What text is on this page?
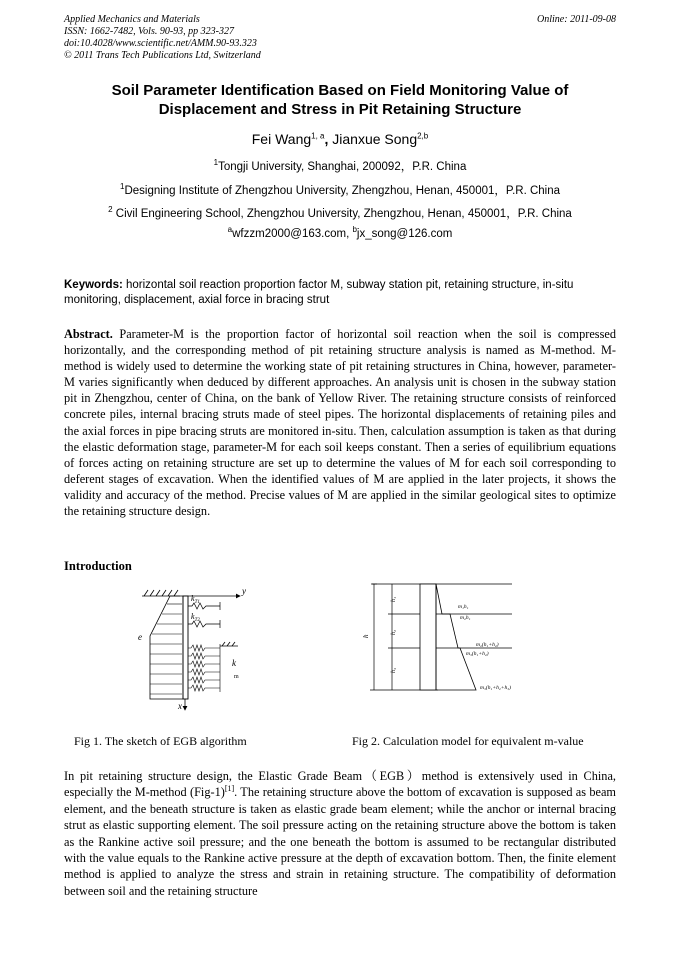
Applied Mechanics and Materials
ISSN: 1662-7482, Vols. 90-93, pp 323-327
doi:10.4028/www.scientific.net/AMM.90-93.323
© 2011 Trans Tech Publications Ltd, Switzerland
Online: 2011-09-08
Soil Parameter Identification Based on Field Monitoring Value of
Displacement and Stress in Pit Retaining Structure
Fei Wang$^{1, a}$, Jianxue Song$^{2,b}$
$^1$Tongji University, Shanghai, 200092，P.R. China
$^1$Designing Institute of Zhengzhou University, Zhengzhou, Henan, 450001，P.R. China
$^2$ Civil Engineering School, Zhengzhou University, Zhengzhou, Henan, 450001，P.R. China
$^a$wfzzm2000@163.com, $^b$jx_song@126.com
Keywords: horizontal soil reaction proportion factor M, subway station pit, retaining structure, in-situ monitoring, displacement, axial force in bracing strut
Abstract. Parameter-M is the proportion factor of horizontal soil reaction when the soil is compressed horizontally, and the corresponding method of pit retaining structure analysis is named as M-method. M-method is widely used to determine the working state of pit retaining structures in China, however, parameter-M varies significantly when deduced by different approaches. An analysis unit is chosen in the subway station pit in Zhengzhou, center of China, on the bank of Yellow River. The retaining structure consists of reinforced concrete piles, internal bracing struts made of steel pipes. The horizontal displacements of retaining piles and the axial forces in pipe bracing struts are monitored in-situ. Then, calculation assumption is taken as that during the elastic deformation stage, parameter-M for each soil keeps constant. Then a series of equilibrium equations of forces acting on retaining structure are set up to determine the values of M for each soil corresponding to deferent stages of excavation. When the identified values of M are applied in the later projects, it shows the validity and accuracy of the method. Precise values of M are applied in the similar geological sites to optimize the retaining structure design.
Introduction
y
e
$k_{T1}$
$k_{T2}$
k
m
x
h
h₁
h₂
h₃
m₁h₁
m₂h₁
m₂(h₁+h₂)
m₃(h₁+h₂)
m₃(h₁+h₂+h₃)
Fig 1. The sketch of EGB algorithm	Fig 2. Calculation model for equivalent m-value
In pit retaining structure design, the Elastic Grade Beam（EGB）method is extensively used in China, especially the M-method (Fig-1)[1]. The retaining structure above the bottom of excavation is supposed as beam element, and the beneath structure is taken as elastic grade beam element; while the anchor or internal bracing strut as elastic supporting element. The soil pressure acting on the retaining structure above the bottom is taken as the Rankine active soil pressure; and the one beneath the bottom is assumed to be rectangular distributed with the value equals to the Rankine active pressure at the depth of excavation bottom. Then, the finite element method is applied to analyze the stress and strain in retaining structure. The compatibility of deformation between soil and the retaining structure
